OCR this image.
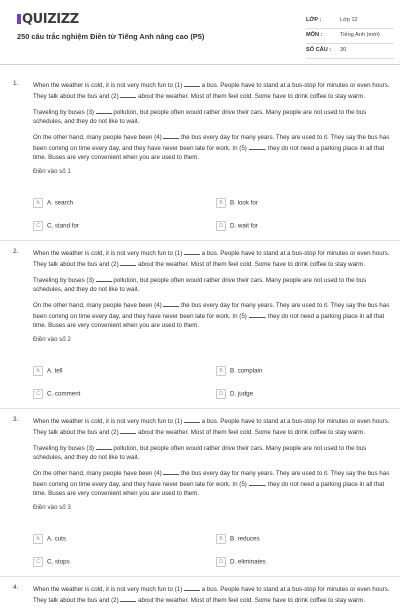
QUIZIZZ
250 câu trắc nghiệm Điền từ Tiếng Anh nâng cao (P5)
LỚP :	Lớp 12
MÔN :	Tiếng Anh (mới)
SỐ CÂU : 30
1. When the weather is cold, it is not very much fun to (1)	a bus. People have to stand at a bus-stop for minutes or even hours. They talk about the bus and (2)	about the weather. Most of them feel cold. Some have to drink coffee to stay warm.

Traveling by buses (3)	pollution, but people often would rather drive their cars. Many people are not used to the bus schedules, and they do not like to wait.

On the other hand, many people have been (4)	the bus every day for many years. They are used to it. They say the bus has been coming on time every day, and they have never been late for work. In (5)	, they do not need a parking place in all that time. Buses are very convenient when you are used to them.

Điền vào số 1
A A. search	B B. look for
C C. stand for	D D. wait for
2. When the weather is cold, it is not very much fun to (1)	a bus. People have to stand at a bus-stop for minutes or even hours. They talk about the bus and (2)	about the weather. Most of them feel cold. Some have to drink coffee to stay warm.

Traveling by buses (3)	pollution, but people often would rather drive their cars. Many people are not used to the bus schedules, and they do not like to wait.

On the other hand, many people have been (4)	the bus every day for many years. They are used to it. They say the bus has been coming on time every day, and they have never been late for work. In (5)	, they do not need a parking place in all that time. Buses are very convenient when you are used to them.

Điền vào số 2
A A. tell	B B. complain
C C. comment	D D. judge
3. When the weather is cold, it is not very much fun to (1)	a bus. People have to stand at a bus-stop for minutes or even hours. They talk about the bus and (2)	about the weather. Most of them feel cold. Some have to drink coffee to stay warm.

Traveling by buses (3)	pollution, but people often would rather drive their cars. Many people are not used to the bus schedules, and they do not like to wait.

On the other hand, many people have been (4)	the bus every day for many years. They are used to it. They say the bus has been coming on time every day, and they have never been late for work. In (5)	, they do not need a parking place in all that time. Buses are very convenient when you are used to them.

Điền vào số 3
A A. cuts	B B. reduces
C C. stops	D D. eliminates
4. When the weather is cold, it is not very much fun to (1)	a bus. People have to stand at a bus-stop for minutes or even hours. They talk about the bus and (2)	about the weather. Most of them feel cold. Some have to drink coffee to stay warm.
